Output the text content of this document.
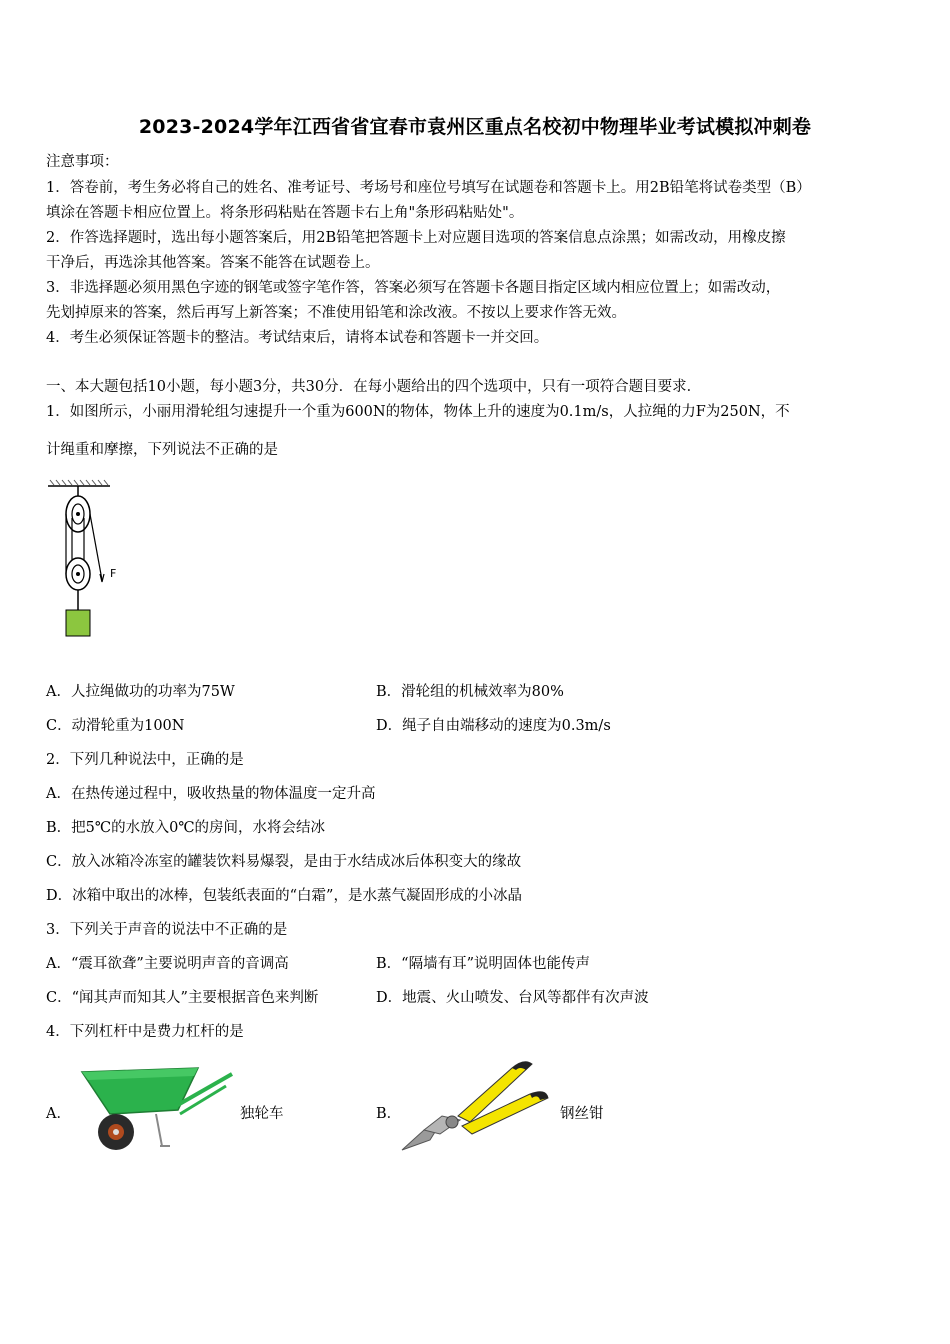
2023-2024学年江西省省宜春市袁州区重点名校初中物理毕业考试模拟冲刺卷
注意事项：
1．答卷前，考生务必将自己的姓名、准考证号、考场号和座位号填写在试题卷和答题卡上。用2B铅笔将试卷类型（B）
填涂在答题卡相应位置上。将条形码粘贴在答题卡右上角"条形码粘贴处"。
2．作答选择题时，选出每小题答案后，用2B铅笔把答题卡上对应题目选项的答案信息点涂黑；如需改动，用橡皮擦
干净后，再选涂其他答案。答案不能答在试题卷上。
3．非选择题必须用黑色字迹的钢笔或签字笔作答，答案必须写在答题卡各题目指定区域内相应位置上；如需改动，
先划掉原来的答案，然后再写上新答案；不准使用铅笔和涂改液。不按以上要求作答无效。
4．考生必须保证答题卡的整洁。考试结束后，请将本试卷和答题卡一并交回。
一、本大题包括10小题，每小题3分，共30分．在每小题给出的四个选项中，只有一项符合题目要求．
1．如图所示，小丽用滑轮组匀速提升一个重为600N的物体，物体上升的速度为0.1m/s，人拉绳的力F为250N，不
计绳重和摩擦，下列说法不正确的是
F
A．人拉绳做功的功率为75W	B．滑轮组的机械效率为80%
C．动滑轮重为100N	D．绳子自由端移动的速度为0.3m/s
2．下列几种说法中，正确的是
A．在热传递过程中，吸收热量的物体温度一定升高
B．把5℃的水放入0℃的房间，水将会结冰
C．放入冰箱冷冻室的罐装饮料易爆裂，是由于水结成冰后体积变大的缘故
D．冰箱中取出的冰棒，包装纸表面的“白霜”，是水蒸气凝固形成的小冰晶
3．下列关于声音的说法中不正确的是
A．“震耳欲聋”主要说明声音的音调高	B．“隔墙有耳”说明固体也能传声
C．“闻其声而知其人”主要根据音色来判断	D．地震、火山喷发、台风等都伴有次声波
4．下列杠杆中是费力杠杆的是
A．	独轮车	B．	钢丝钳
